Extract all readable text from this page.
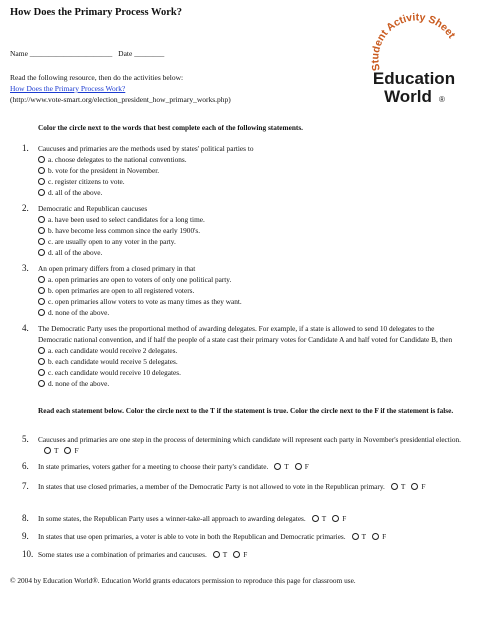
How Does the Primary Process Work?
Name ______________________ Date ________
Read the following resource, then do the activities below:
How Does the Primary Process Work?
(http://www.vote-smart.org/election_president_how_primary_works.php)
Student Activity Sheet
Education
World ®
Color the circle next to the words that best complete each of the following statements.
1.	Caucuses and primaries are the methods used by states' political parties to
a. choose delegates to the national conventions.
b. vote for the president in November.
c. register citizens to vote.
d. all of the above.
2.	Democratic and Republican caucuses
a. have been used to select candidates for a long time.
b. have become less common since the early 1900's.
c. are usually open to any voter in the party.
d. all of the above.
3.	An open primary differs from a closed primary in that
a. open primaries are open to voters of only one political party.
b. open primaries are open to all registered voters.
c. open primaries allow voters to vote as many times as they want.
d. none of the above.
4.	The Democratic Party uses the proportional method of awarding delegates. For example, if a state is allowed to send 10 delegates to the Democratic national convention, and if half the people of a state cast their primary votes for Candidate A and half voted for Candidate B, then
a. each candidate would receive 2 delegates.
b. each candidate would receive 5 delegates.
c. each candidate would receive 10 delegates.
d. none of the above.
Read each statement below. Color the circle next to the T if the statement is true. Color the circle next to the F if the statement is false.
5.	Caucuses and primaries are one step in the process of determining which candidate will represent each party in November's presidential election.T F
6.	In state primaries, voters gather for a meeting to choose their party's candidate. T F
7.	In states that use closed primaries, a member of the Democratic Party is not allowed to vote in the Republican primary. T F
8.	In some states, the Republican Party uses a winner-take-all approach to awarding delegates. T F
9.	In states that use open primaries, a voter is able to vote in both the Republican and Democratic primaries. T F
10. Some states use a combination of primaries and caucuses. T F
© 2004 by Education World®. Education World grants educators permission to reproduce this page for classroom use.
